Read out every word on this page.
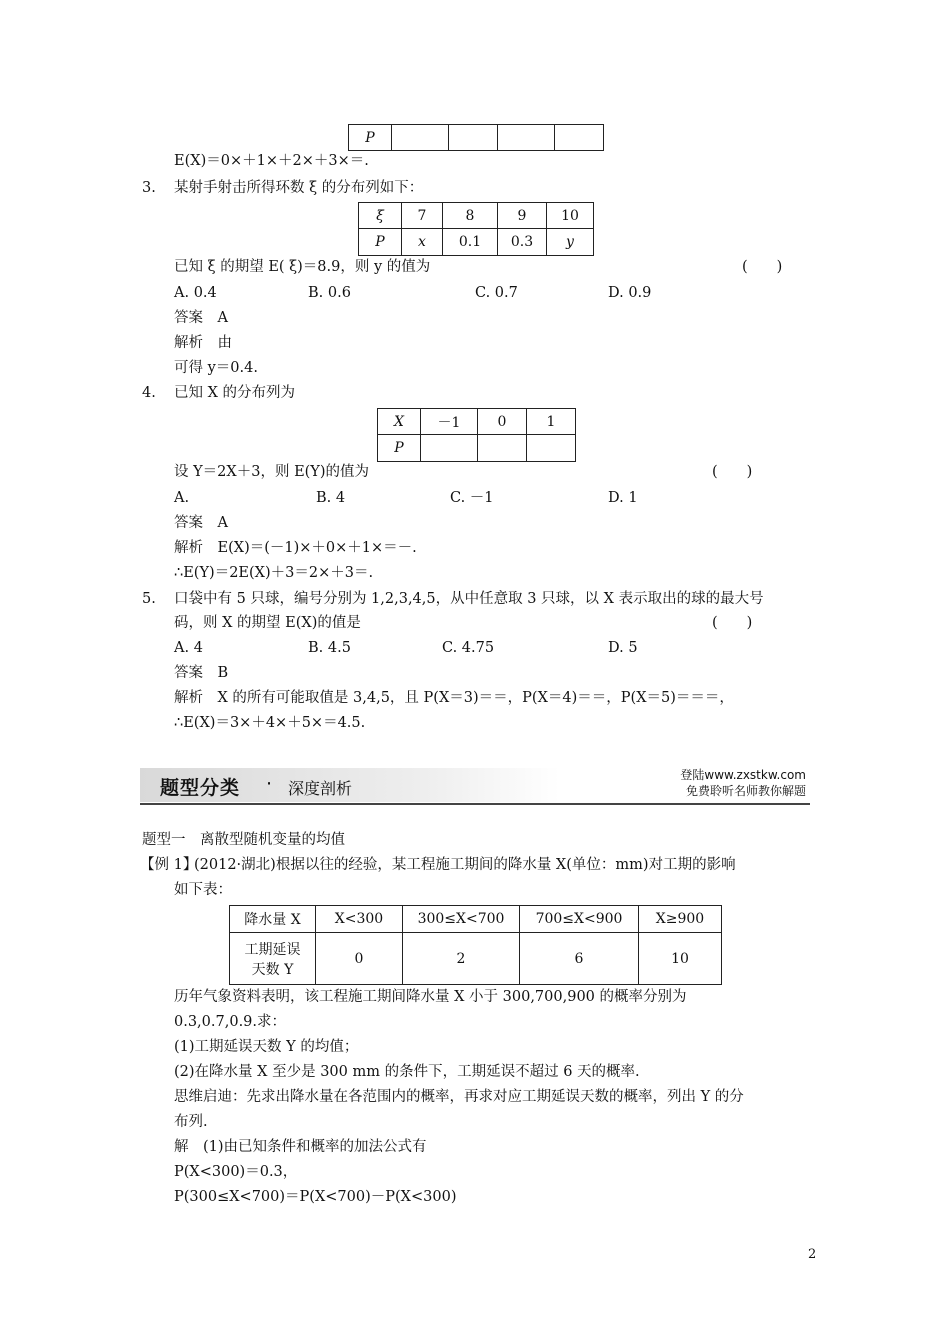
P				
E(X)＝0×＋1×＋2×＋3×＝.
3. 某射手射击所得环数 ξ 的分布列如下：
ξ	7	8	9	10
P	x	0.1	0.3	y
已知 ξ 的期望 E( ξ)＝8.9，则 y 的值为	(　　)
A. 0.4	B. 0.6	C. 0.7	D. 0.9
答案　A
解析　由
可得 y＝0.4.
4. 已知 X 的分布列为
X	－1	0	1
P			
设 Y＝2X＋3，则 E(Y)的值为	(　　)
A.	B. 4	C. －1	D. 1
答案　A
解析　E(X)＝(－1)×＋0×＋1×＝－.
∴E(Y)＝2E(X)＋3＝2×＋3＝.
5. 口袋中有 5 只球，编号分别为 1,2,3,4,5，从中任意取 3 只球，以 X 表示取出的球的最大号
码，则 X 的期望 E(X)的值是	(　　)
A. 4	B. 4.5	C. 4.75	D. 5
答案　B
解析　X 的所有可能取值是 3,4,5，且 P(X＝3)＝＝，P(X＝4)＝＝，P(X＝5)＝＝＝，
∴E(X)＝3×＋4×＋5×＝4.5.
题型分类 · 深度剖析
登陆www.zxstkw.com
免费聆听名师教你解题
题型一　离散型随机变量的均值
【例 1】
(2012·湖北)根据以往的经验，某工程施工期间的降水量 X(单位：mm)对工期的影响
如下表：
降水量 X	X<300	300≤X<700	700≤X<900	X≥900

工期延误
天数 Y	0	2	6	10
历年气象资料表明，该工程施工期间降水量 X 小于 300,700,900 的概率分别为
0.3,0.7,0.9.求：
(1)工期延误天数 Y 的均值；
(2)在降水量 X 至少是 300 mm 的条件下，工期延误不超过 6 天的概率.
思维启迪：先求出降水量在各范围内的概率，再求对应工期延误天数的概率，列出 Y 的分
布列.
解　(1)由已知条件和概率的加法公式有
P(X<300)＝0.3，
P(300≤X<700)＝P(X<700)－P(X<300)
2
